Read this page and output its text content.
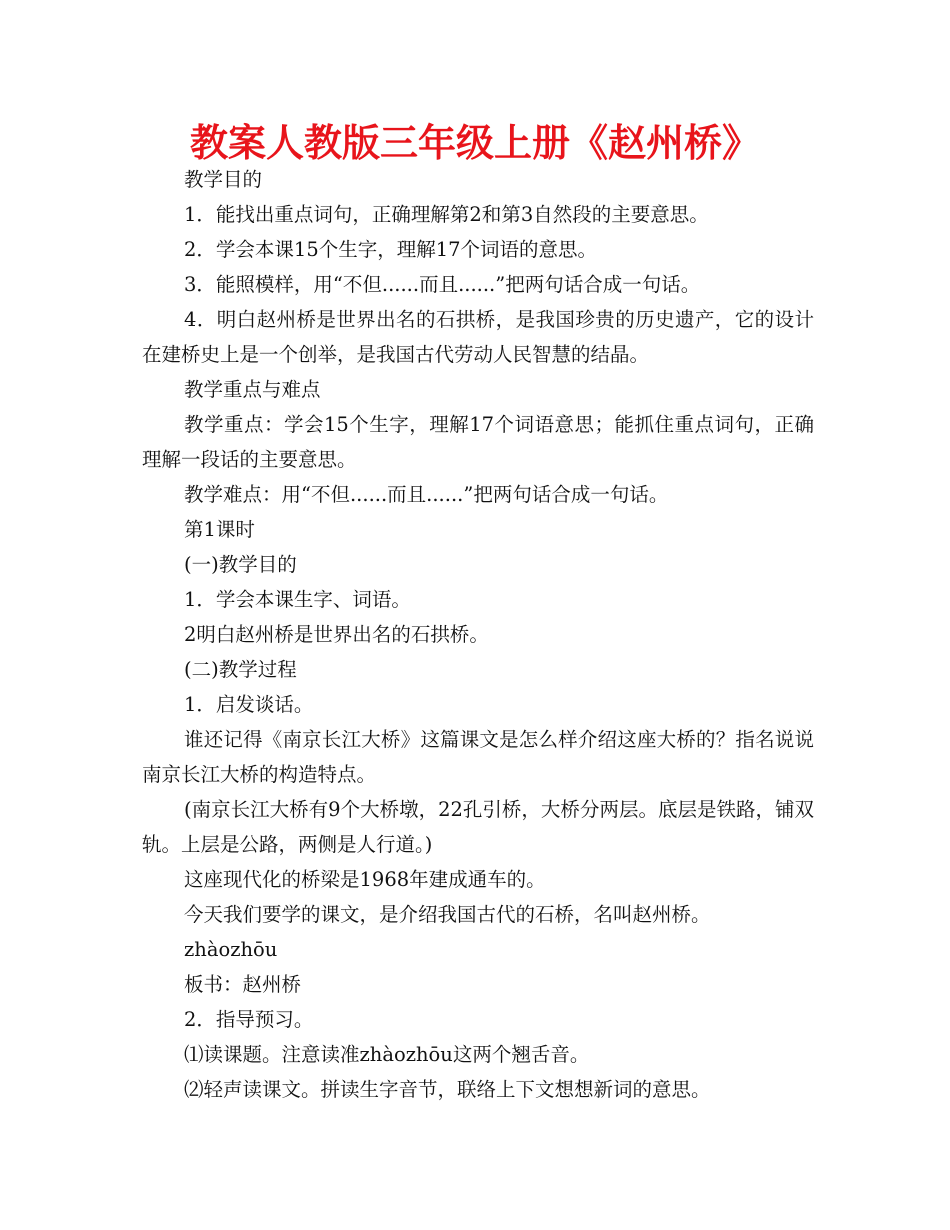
教案人教版三年级上册《赵州桥》

教学目的

1．能找出重点词句，正确理解第2和第3自然段的主要意思。

2．学会本课15个生字，理解17个词语的意思。

3．能照模样，用“不但......而且......”把两句话合成一句话。

4．明白赵州桥是世界出名的石拱桥，是我国珍贵的历史遗产，它的设计在建桥史上是一个创举，是我国古代劳动人民智慧的结晶。

教学重点与难点

教学重点：学会15个生字，理解17个词语意思；能抓住重点词句，正确理解一段话的主要意思。

教学难点：用“不但......而且......”把两句话合成一句话。

第1课时

(一)教学目的

1．学会本课生字、词语。

2明白赵州桥是世界出名的石拱桥。

(二)教学过程

1．启发谈话。

谁还记得《南京长江大桥》这篇课文是怎么样介绍这座大桥的？指名说说南京长江大桥的构造特点。

(南京长江大桥有9个大桥墩，22孔引桥，大桥分两层。底层是铁路，铺双轨。上层是公路，两侧是人行道。)

这座现代化的桥梁是1968年建成通车的。

今天我们要学的课文，是介绍我国古代的石桥，名叫赵州桥。

zhàozhōu

板书：赵州桥

2．指导预习。

⑴读课题。注意读准zhàozhōu这两个翘舌音。

⑵轻声读课文。拼读生字音节，联络上下文想想新词的意思。
